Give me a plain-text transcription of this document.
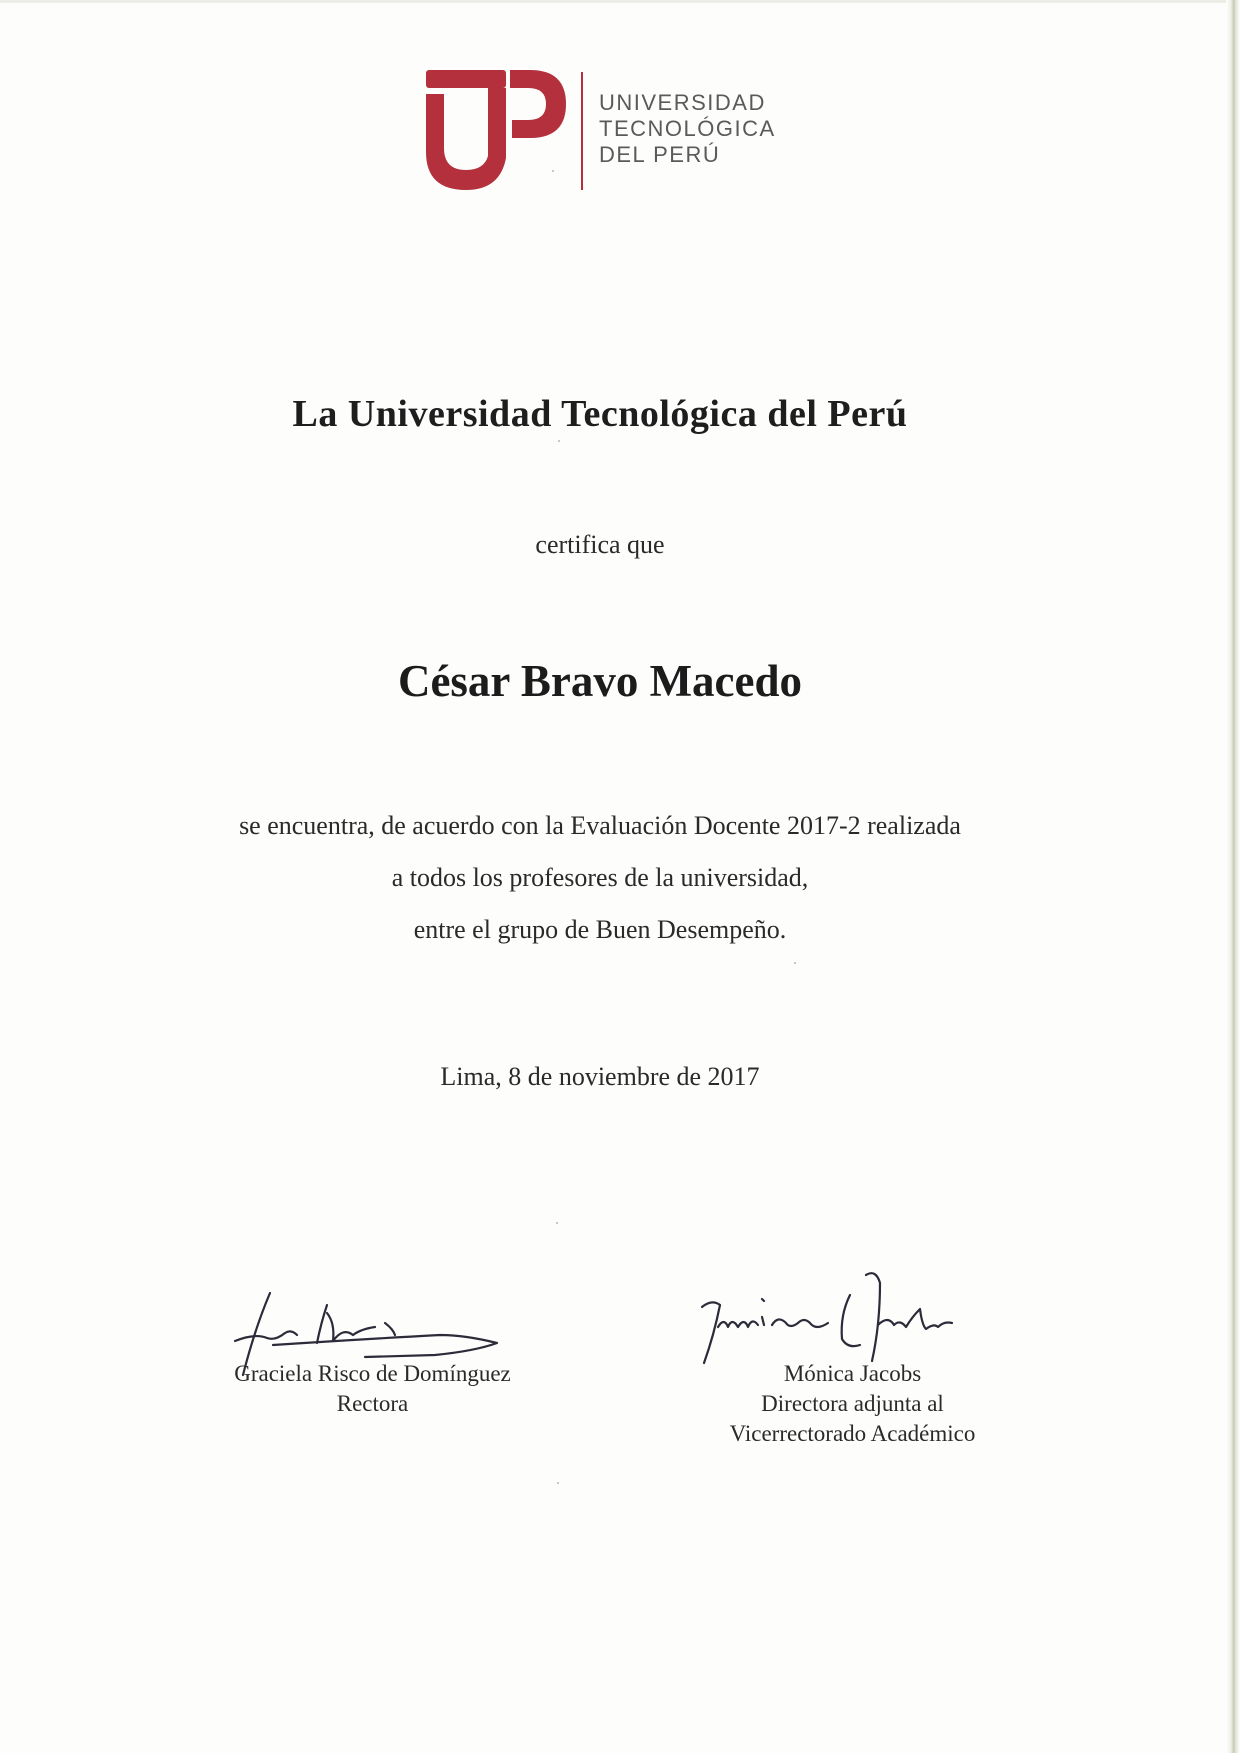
UNIVERSIDAD
TECNOLÓGICA
DEL PERÚ
La Universidad Tecnológica del Perú
certifica que
César Bravo Macedo
se encuentra, de acuerdo con la Evaluación Docente 2017-2 realizada
a todos los profesores de la universidad,
entre el grupo de Buen Desempeño.
Lima, 8 de noviembre de 2017
Graciela Risco de Domínguez
Rectora
Mónica Jacobs
Directora adjunta al
Vicerrectorado Académico
